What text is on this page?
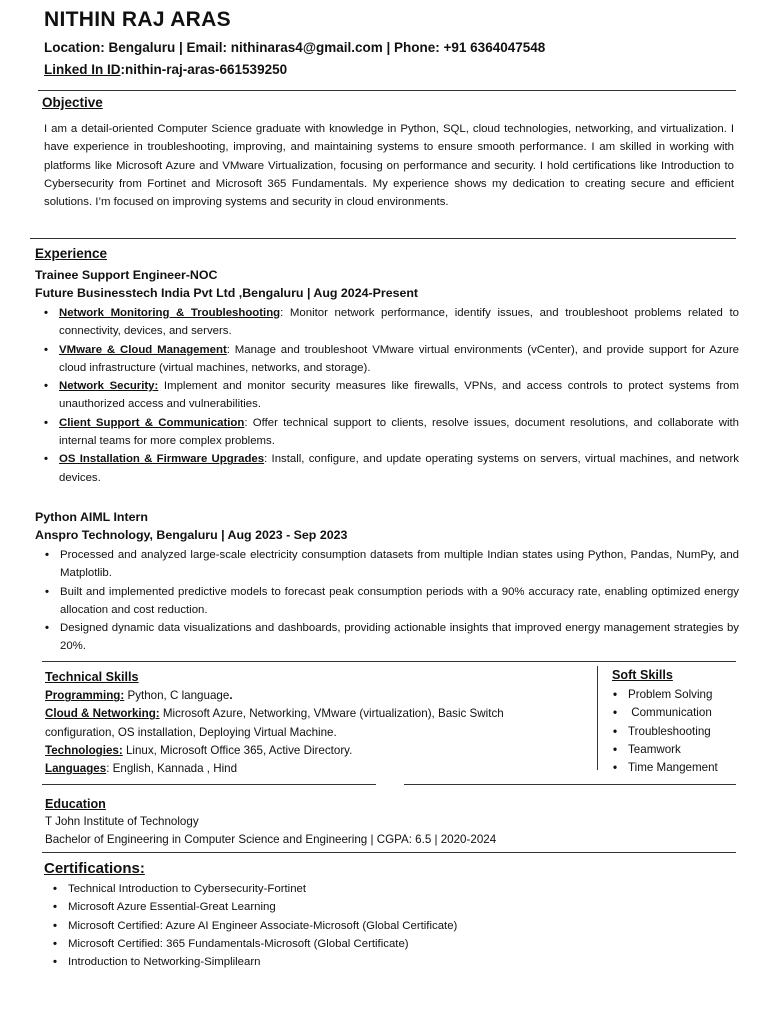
NITHIN RAJ ARAS
Location: Bengaluru | Email: nithinaras4@gmail.com | Phone: +91 6364047548
Linked In ID:nithin-raj-aras-661539250
Objective
I am a detail-oriented Computer Science graduate with knowledge in Python, SQL, cloud technologies, networking, and virtualization. I have experience in troubleshooting, improving, and maintaining systems to ensure smooth performance. I am skilled in working with platforms like Microsoft Azure and VMware Virtualization, focusing on performance and security. I hold certifications like Introduction to Cybersecurity from Fortinet and Microsoft 365 Fundamentals. My experience shows my dedication to creating secure and efficient solutions. I’m focused on improving systems and security in cloud environments.
Experience
Trainee Support Engineer-NOC
Future Businesstech India Pvt Ltd ,Bengaluru | Aug 2024-Present
• Network Monitoring & Troubleshooting: Monitor network performance, identify issues, and troubleshoot problems related to connectivity, devices, and servers.
• VMware & Cloud Management: Manage and troubleshoot VMware virtual environments (vCenter), and provide support for Azure cloud infrastructure (virtual machines, networks, and storage).
• Network Security: Implement and monitor security measures like firewalls, VPNs, and access controls to protect systems from unauthorized access and vulnerabilities.
• Client Support & Communication: Offer technical support to clients, resolve issues, document resolutions, and collaborate with internal teams for more complex problems.
• OS Installation & Firmware Upgrades: Install, configure, and update operating systems on servers, virtual machines, and network devices.
Python AIML Intern
Anspro Technology, Bengaluru | Aug 2023 - Sep 2023
• Processed and analyzed large-scale electricity consumption datasets from multiple Indian states using Python, Pandas, NumPy, and Matplotlib.
• Built and implemented predictive models to forecast peak consumption periods with a 90% accuracy rate, enabling optimized energy allocation and cost reduction.
• Designed dynamic data visualizations and dashboards, providing actionable insights that improved energy management strategies by 20%.
Technical Skills
Programming: Python, C language.
Cloud & Networking: Microsoft Azure, Networking, VMware (virtualization), Basic Switch configuration, OS installation, Deploying Virtual Machine.
Technologies: Linux, Microsoft Office 365, Active Directory.
Languages: English, Kannada , Hind
Soft Skills
• Problem Solving
•  Communication
• Troubleshooting
• Teamwork
• Time Mangement
Education
T John Institute of Technology
Bachelor of Engineering in Computer Science and Engineering | CGPA: 6.5 | 2020-2024
Certifications:
• Technical Introduction to Cybersecurity-Fortinet
• Microsoft Azure Essential-Great Learning
• Microsoft Certified: Azure AI Engineer Associate-Microsoft (Global Certificate)
• Microsoft Certified: 365 Fundamentals-Microsoft (Global Certificate)
• Introduction to Networking-Simplilearn
